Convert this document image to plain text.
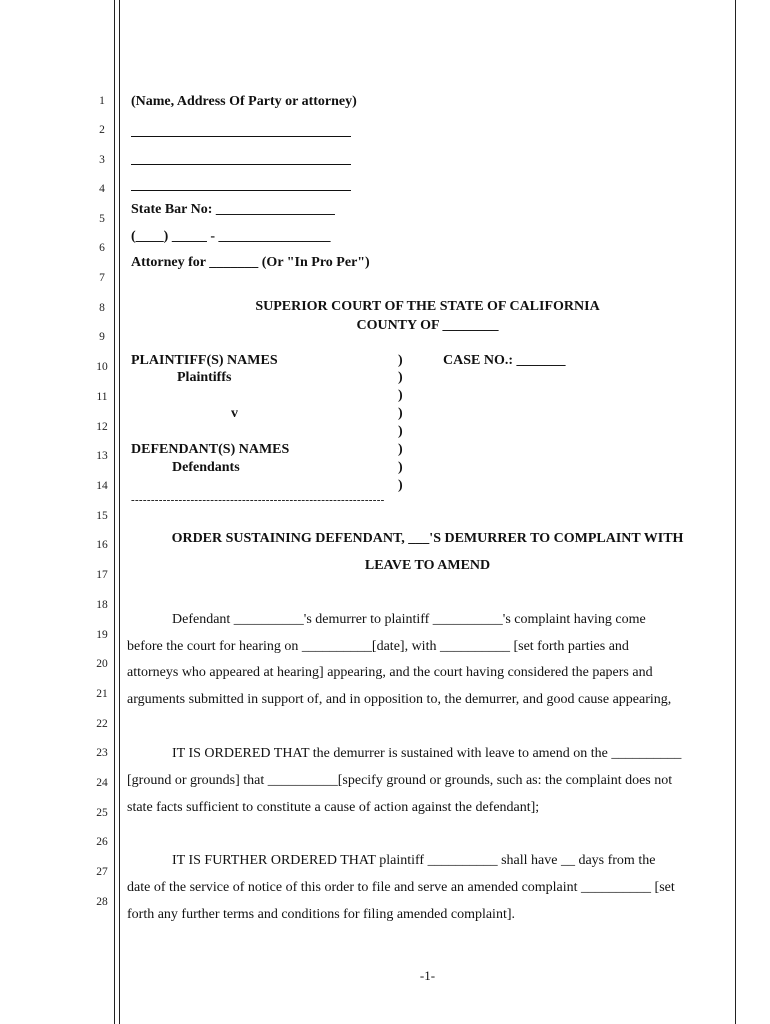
1
2
3
4
5
6
7
8
9
10
11
12
13
14
15
16
17
18
19
20
21
22
23
24
25
26
27
28
(Name, Address Of Party or attorney)
State Bar No: _________________
(____) _____ - ________________
Attorney for _______ (Or "In Pro Per")
SUPERIOR COURT OF THE STATE OF CALIFORNIA
COUNTY OF ________
PLAINTIFF(S) NAMES
Plaintiffs
v
DEFENDANT(S) NAMES
Defendants
)
)
)
)
)
)
)
)
CASE NO.: _______
----------------------------------------------------------------
ORDER SUSTAINING DEFENDANT, ___'S DEMURRER TO COMPLAINT WITH
LEAVE TO AMEND
Defendant __________'s demurrer to plaintiff __________'s complaint having come
before the court for hearing on __________[date], with __________ [set forth parties and
attorneys who appeared at hearing] appearing, and the court having considered the papers and
arguments submitted in support of, and in opposition to, the demurrer, and good cause appearing,
IT IS ORDERED THAT the demurrer is sustained with leave to amend on the __________
[ground or grounds] that __________[specify ground or grounds, such as: the complaint does not
state facts sufficient to constitute a cause of action against the defendant];
IT IS FURTHER ORDERED THAT plaintiff __________ shall have __ days from the
date of the service of notice of this order to file and serve an amended complaint __________ [set
forth any further terms and conditions for filing amended complaint].
-1-
